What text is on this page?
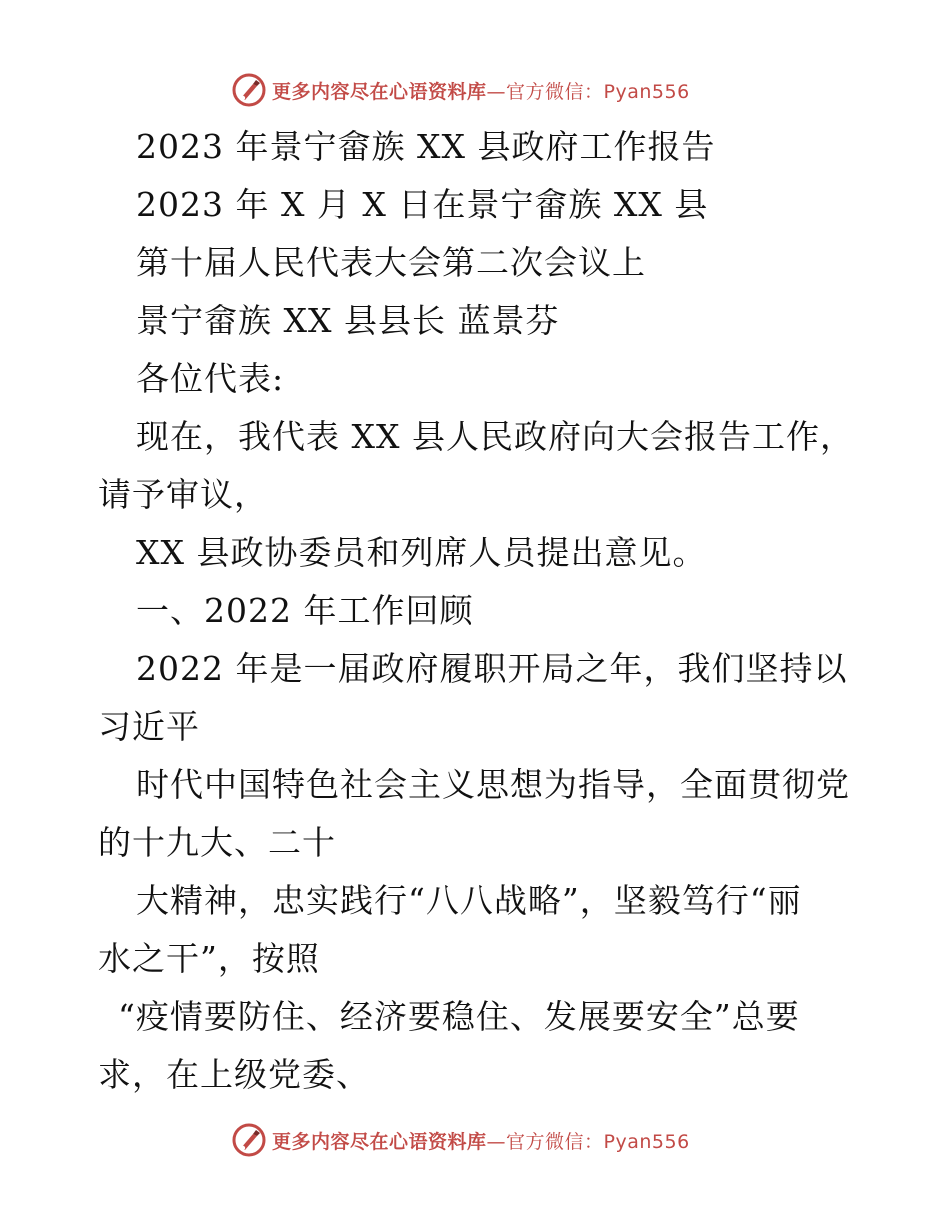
更多内容尽在心语资料库—官方微信：Pyan556
2023 年景宁畲族 XX 县政府工作报告
2023 年 X 月 X 日在景宁畲族 XX 县
第十届人民代表大会第二次会议上
景宁畲族 XX 县县长 蓝景芬
各位代表:
现在，我代表 XX 县人民政府向大会报告工作，
请予审议，
XX 县政协委员和列席人员提出意见。
一、2022 年工作回顾
2022 年是一届政府履职开局之年，我们坚持以
习近平
时代中国特色社会主义思想为指导，全面贯彻党
的十九大、二十
大精神，忠实践行“八八战略”，坚毅笃行“丽
水之干”，按照
“疫情要防住、经济要稳住、发展要安全”总要
求，在上级党委、
更多内容尽在心语资料库—官方微信：Pyan556
